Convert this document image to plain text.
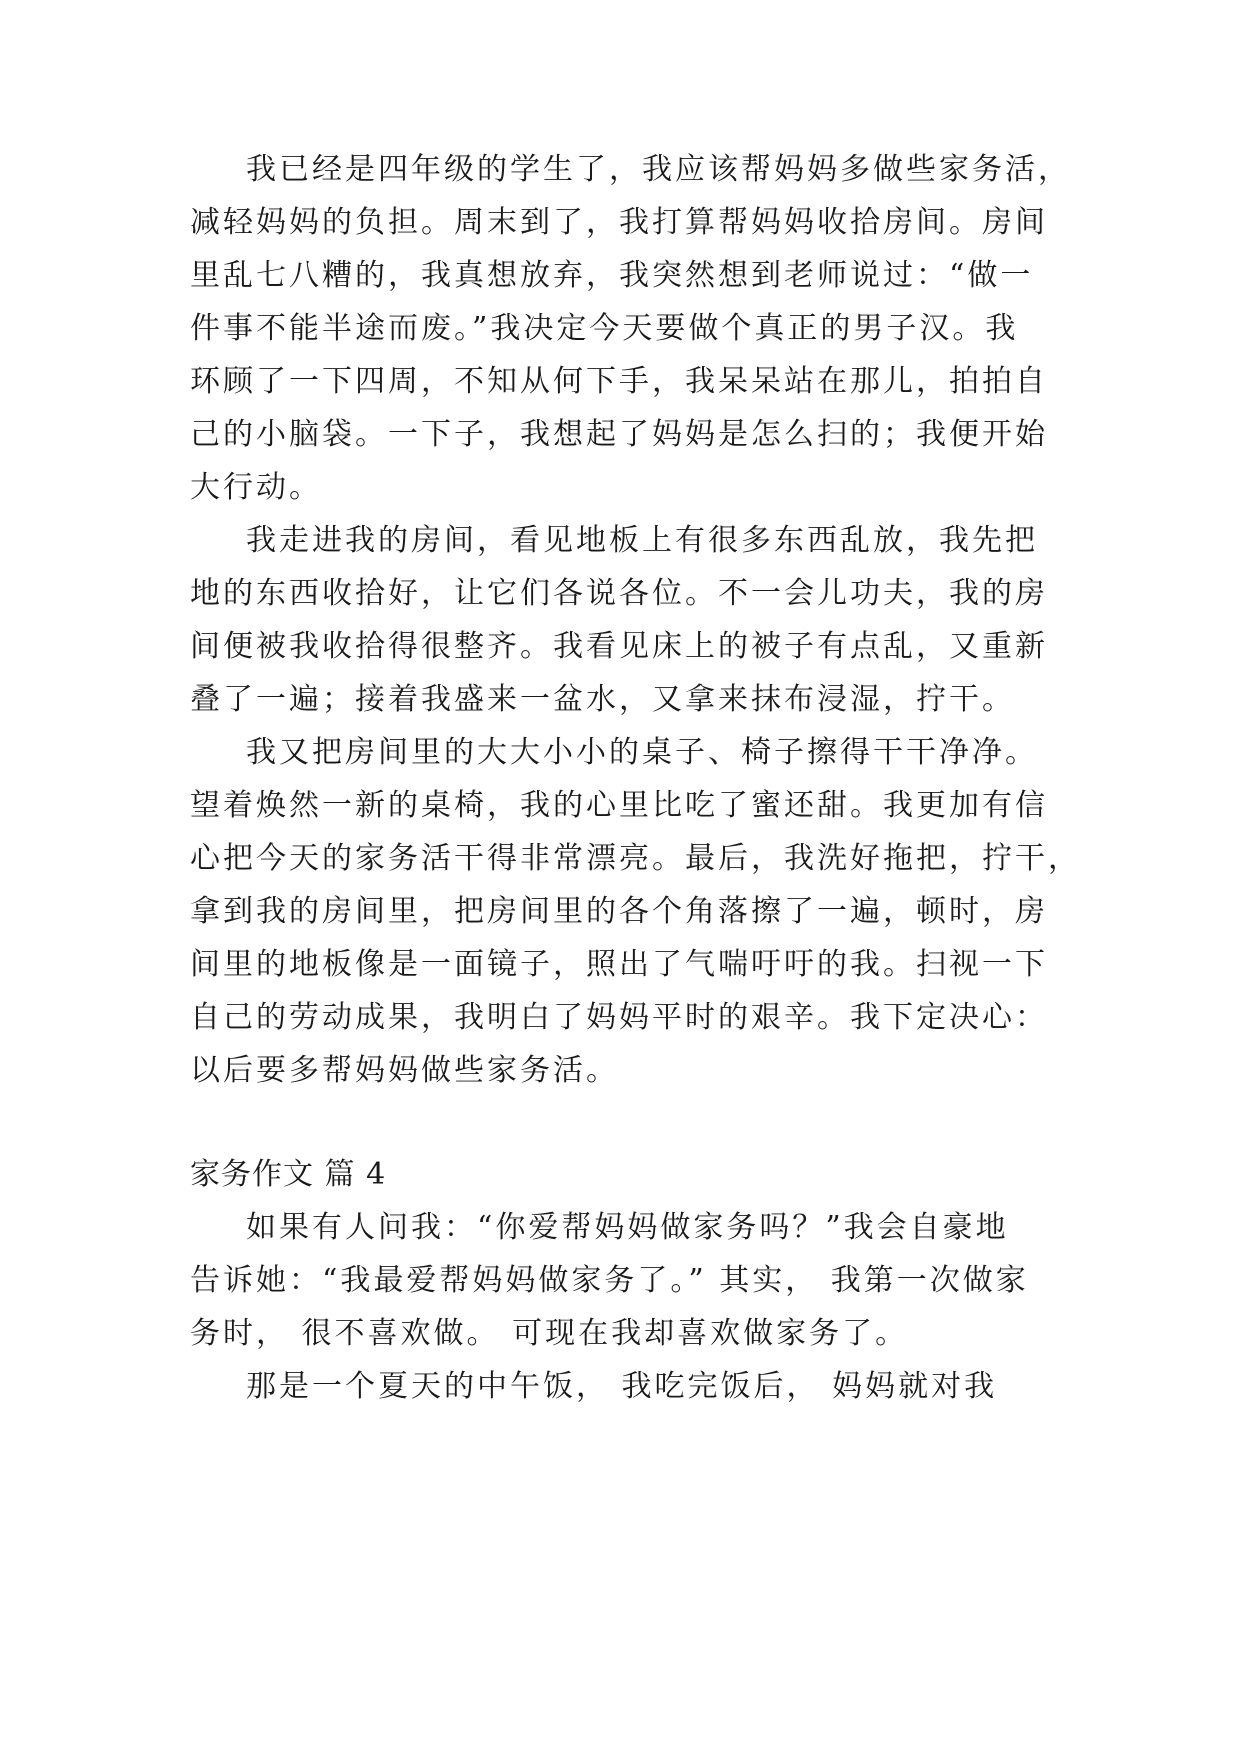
我已经是四年级的学生了，我应该帮妈妈多做些家务活，
减轻妈妈的负担。周末到了，我打算帮妈妈收拾房间。房间
里乱七八糟的，我真想放弃，我突然想到老师说过：“做一
件事不能半途而废。”我决定今天要做个真正的男子汉。我
环顾了一下四周，不知从何下手，我呆呆站在那儿，拍拍自
己的小脑袋。一下子，我想起了妈妈是怎么扫的；我便开始
大行动。
我走进我的房间，看见地板上有很多东西乱放，我先把
地的东西收拾好，让它们各说各位。不一会儿功夫，我的房
间便被我收拾得很整齐。我看见床上的被子有点乱，又重新
叠了一遍；接着我盛来一盆水，又拿来抹布浸湿，拧干。
我又把房间里的大大小小的桌子、椅子擦得干干净净。
望着焕然一新的桌椅，我的心里比吃了蜜还甜。我更加有信
心把今天的家务活干得非常漂亮。最后，我洗好拖把，拧干，
拿到我的房间里，把房间里的各个角落擦了一遍，顿时，房
间里的地板像是一面镜子，照出了气喘吁吁的我。扫视一下
自己的劳动成果，我明白了妈妈平时的艰辛。我下定决心：
以后要多帮妈妈做些家务活。
家务作文 篇 4
如果有人问我：“你爱帮妈妈做家务吗？”我会自豪地
告诉她：“我最爱帮妈妈做家务了。” 其实， 我第一次做家
务时， 很不喜欢做。 可现在我却喜欢做家务了。
那是一个夏天的中午饭， 我吃完饭后， 妈妈就对我
